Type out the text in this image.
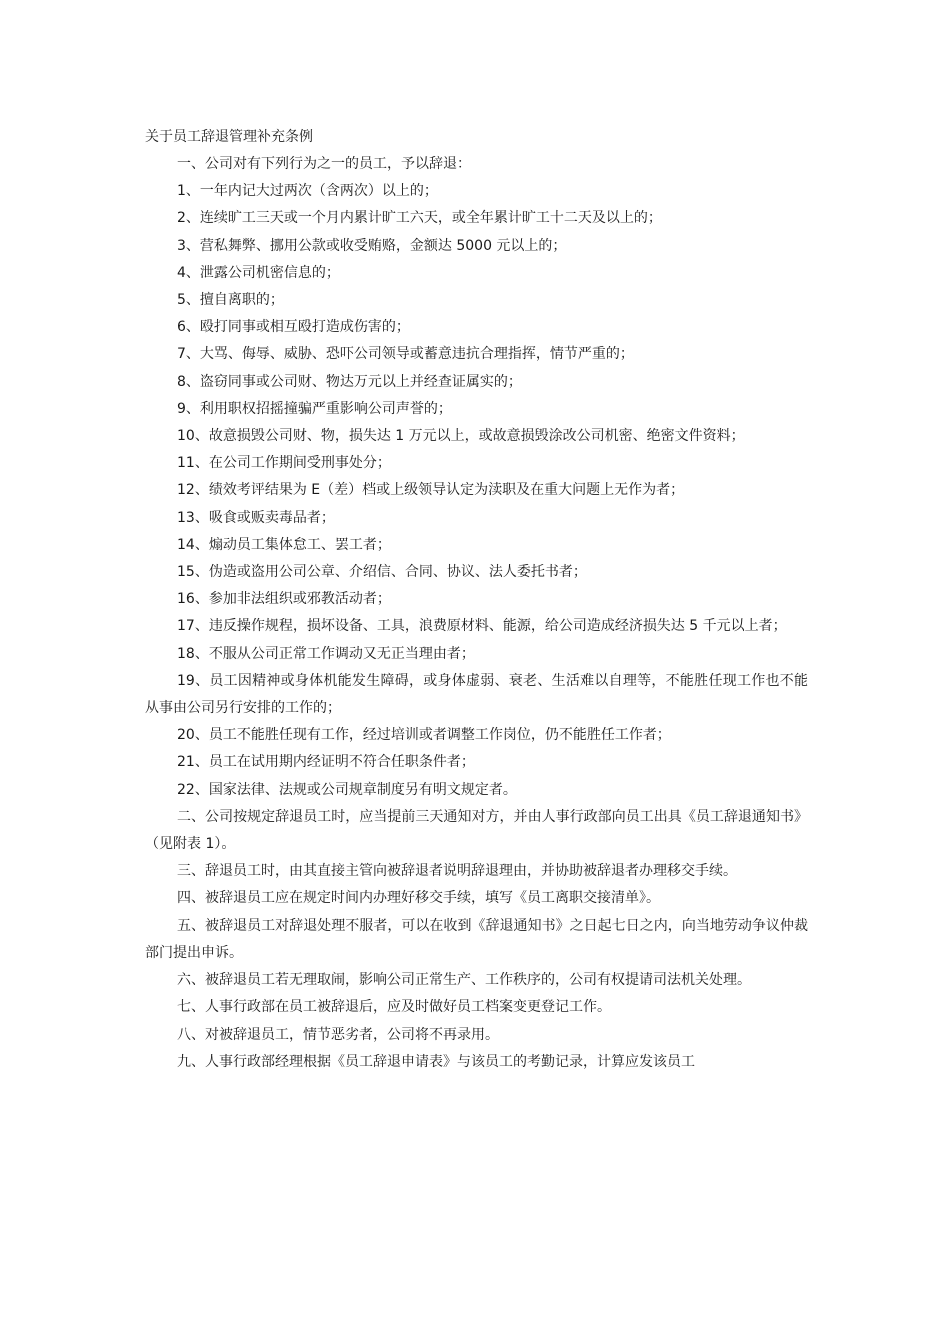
关于员工辞退管理补充条例

一、公司对有下列行为之一的员工，予以辞退：

1、一年内记大过两次（含两次）以上的；

2、连续旷工三天或一个月内累计旷工六天，或全年累计旷工十二天及以上的；

3、营私舞弊、挪用公款或收受贿赂，金额达 5000 元以上的；

4、泄露公司机密信息的；

5、擅自离职的；

6、殴打同事或相互殴打造成伤害的；

7、大骂、侮辱、威胁、恐吓公司领导或蓄意违抗合理指挥，情节严重的；

8、盗窃同事或公司财、物达万元以上并经查证属实的；

9、利用职权招摇撞骗严重影响公司声誉的；

10、故意损毁公司财、物，损失达 1 万元以上，或故意损毁涂改公司机密、绝密文件资料；

11、在公司工作期间受刑事处分；

12、绩效考评结果为 E（差）档或上级领导认定为渎职及在重大问题上无作为者；

13、吸食或贩卖毒品者；

14、煽动员工集体怠工、罢工者；

15、伪造或盗用公司公章、介绍信、合同、协议、法人委托书者；

16、参加非法组织或邪教活动者；

17、违反操作规程，损坏设备、工具，浪费原材料、能源，给公司造成经济损失达 5 千元以上者；

18、不服从公司正常工作调动又无正当理由者；

19、员工因精神或身体机能发生障碍，或身体虚弱、衰老、生活难以自理等，不能胜任现工作也不能从事由公司另行安排的工作的；

20、员工不能胜任现有工作，经过培训或者调整工作岗位，仍不能胜任工作者；

21、员工在试用期内经证明不符合任职条件者；

22、国家法律、法规或公司规章制度另有明文规定者。

二、公司按规定辞退员工时，应当提前三天通知对方，并由人事行政部向员工出具《员工辞退通知书》（见附表 1）。

三、辞退员工时，由其直接主管向被辞退者说明辞退理由，并协助被辞退者办理移交手续。

四、被辞退员工应在规定时间内办理好移交手续，填写《员工离职交接清单》。

五、被辞退员工对辞退处理不服者，可以在收到《辞退通知书》之日起七日之内，向当地劳动争议仲裁部门提出申诉。

六、被辞退员工若无理取闹，影响公司正常生产、工作秩序的，公司有权提请司法机关处理。

七、人事行政部在员工被辞退后，应及时做好员工档案变更登记工作。

八、对被辞退员工，情节恶劣者，公司将不再录用。

九、人事行政部经理根据《员工辞退申请表》与该员工的考勤记录，计算应发该员工
